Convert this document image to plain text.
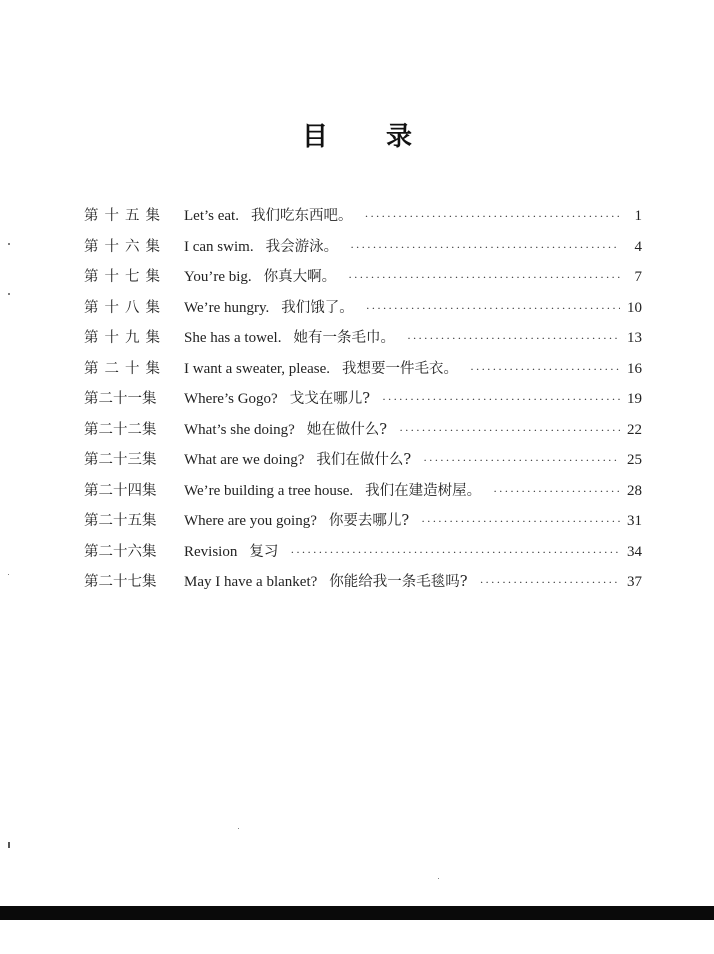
目 录
第十五集	Let’s eat. 我们吃东西吧。 ·····	1
第十六集	I can swim. 我会游泳。 ·····	4
第十七集	You’re big. 你真大啊。 ·····	7
第十八集	We’re hungry. 我们饿了。 ·····	10
第十九集	She has a towel. 她有一条毛巾。 ·····	13
第二十集	I want a sweater, please. 我想要一件毛衣。 ·····	16
第二十一集	Where’s Gogo? 戈戈在哪儿? ·····	19
第二十二集	What’s she doing? 她在做什么? ·····	22
第二十三集	What are we doing? 我们在做什么? ·····	25
第二十四集	We’re building a tree house. 我们在建造树屋。 ·····	28
第二十五集	Where are you going? 你要去哪儿? ·····	31
第二十六集	Revision 复习 ·····	34
第二十七集	May I have a blanket? 你能给我一条毛毯吗? ·····	37
